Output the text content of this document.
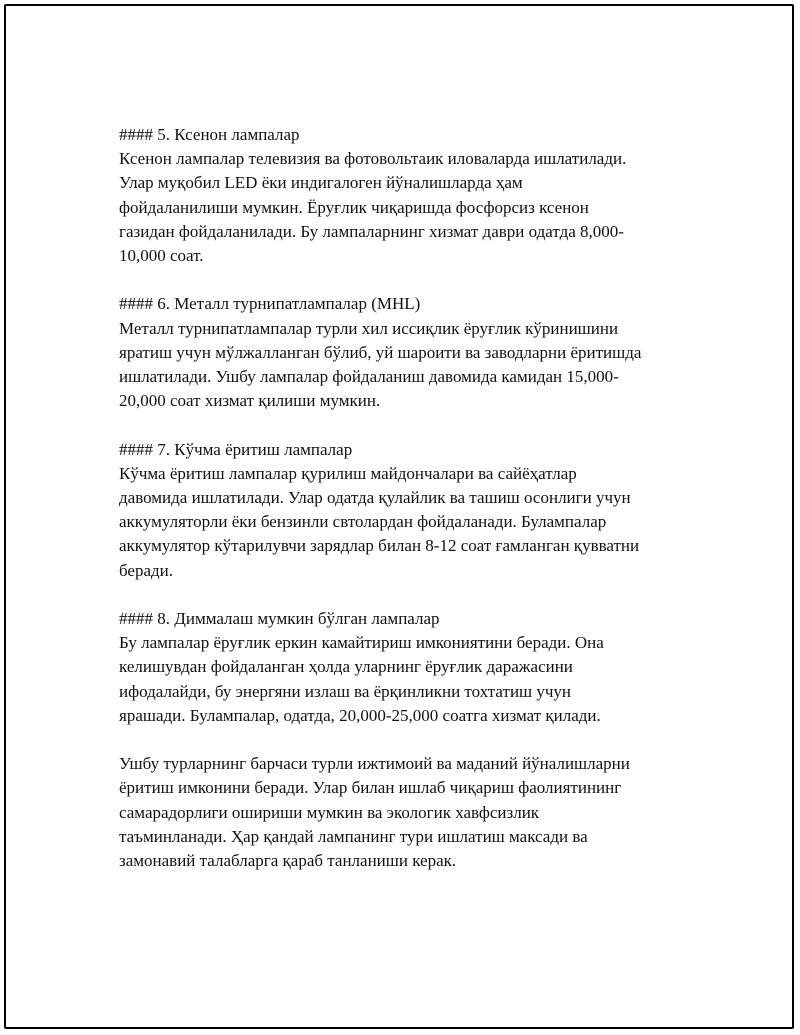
#### 5. Ксенон лампалар
Ксенон лампалар телевизия ва фотовольтаик иловаларда ишлатилади.
Улар муқобил LED ёки индигалоген йўналишларда ҳам
фойдаланилиши мумкин. Ёруғлик чиқаришда фосфорсиз ксенон
газидан фойдаланилади. Бу лампаларнинг хизмат даври одатда 8,000-
10,000 соат.
#### 6. Металл турнипатлампалар (MHL)
Металл турнипатлампалар турли хил иссиқлик ёруғлик кўринишини
яратиш учун мўлжалланган бўлиб, уй шароити ва заводларни ёритишда
ишлатилади. Ушбу лампалар фойдаланиш давомида камидан 15,000-
20,000 соат хизмат қилиши мумкин.
#### 7. Кўчма ёритиш лампалар
Кўчма ёритиш лампалар қурилиш майдончалари ва сайёҳатлар
давомида ишлатилади. Улар одатда қулайлик ва ташиш осонлиги учун
аккумуляторли ёки бензинли свтолардан фойдаланади. Булампалар
аккумулятор кўтарилувчи зарядлар билан 8-12 соат ғамланган қувватни
беради.
#### 8. Диммалаш мумкин бўлган лампалар
Бу лампалар ёруғлик еркин камайтириш имкониятини беради. Она
келишувдан фойдаланган ҳолда уларнинг ёруғлик даражасини
ифодалайди, бу энергяни излаш ва ёрқинликни тохтатиш учун
ярашади. Булампалар, одатда, 20,000-25,000 соатга хизмат қилади.
Ушбу турларнинг барчаси турли ижтимоий ва маданий йўналишларни
ёритиш имконини беради. Улар билан ишлаб чиқариш фаолиятининг
самарадорлиги ошириши мумкин ва экологик хавфсизлик
таъминланади. Ҳар қандай лампанинг тури ишлатиш максади ва
замонавий талабларга қараб танланиши керак.
